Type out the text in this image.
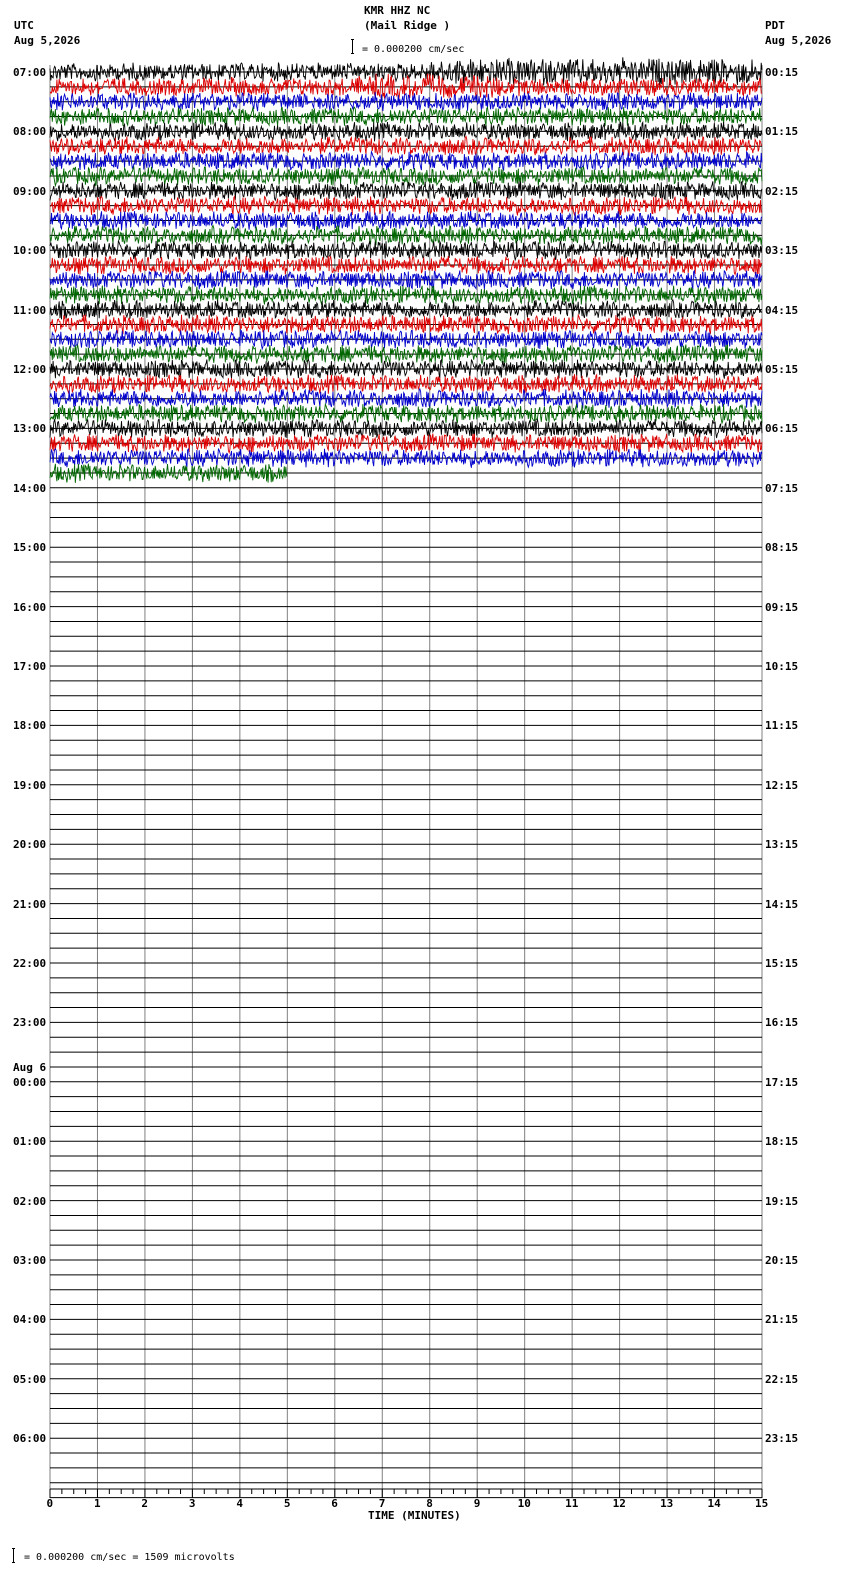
KMR HHZ NC
(Mail Ridge )
= 0.000200 cm/sec
UTC
Aug 5,2026
PDT
Aug 5,2026
07:00
08:00
09:00
10:00
11:00
12:00
13:00
14:00
15:00
16:00
17:00
18:00
19:00
20:00
21:00
22:00
23:00
00:00
01:00
02:00
03:00
04:00
05:00
06:00
Aug 6
00:15
01:15
02:15
03:15
04:15
05:15
06:15
07:15
08:15
09:15
10:15
11:15
12:15
13:15
14:15
15:15
16:15
17:15
18:15
19:15
20:15
21:15
22:15
23:15
0	1	2	3	4	5	6	7	8	9	10	11	12	13	14	15
TIME (MINUTES)
= 0.000200 cm/sec = 1509 microvolts
